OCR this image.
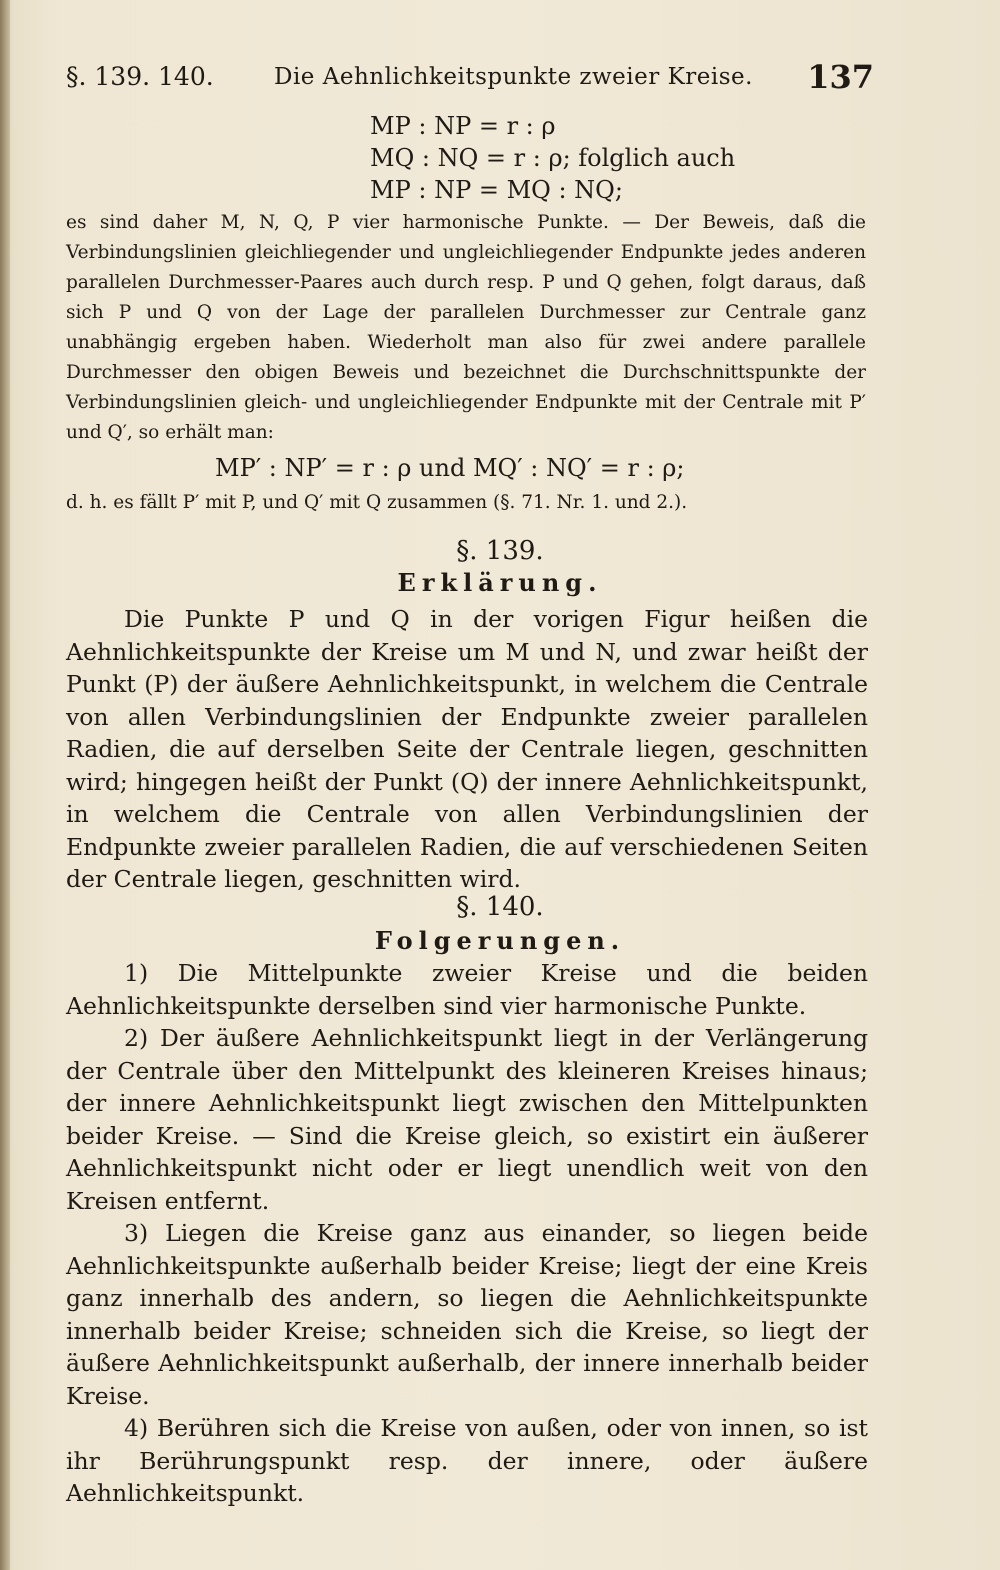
§. 139. 140.	Die Aehnlichkeitspunkte zweier Kreise. 137
MP : NP = r : ρ
MQ : NQ = r : ρ; folglich auch
MP : NP = MQ : NQ;

es sind daher M, N, Q, P vier harmonische Punkte. — Der Beweis, daß die Verbindungslinien gleichliegender und ungleichliegender Endpunkte jedes anderen parallelen Durchmesser-Paares auch durch resp. P und Q gehen, folgt daraus, daß sich P und Q von der Lage der parallelen Durchmesser zur Centrale ganz unabhängig ergeben haben. Wiederholt man also für zwei andere parallele Durchmesser den obigen Beweis und bezeichnet die Durchschnittspunkte der Verbindungslinien gleich- und ungleichliegender Endpunkte mit der Centrale mit P′ und Q′, so erhält man:

MP′ : NP′ = r : ρ und MQ′ : NQ′ = r : ρ;

d. h. es fällt P′ mit P, und Q′ mit Q zusammen (§. 71. Nr. 1. und 2.).

§. 139.
Erklärung.

Die Punkte P und Q in der vorigen Figur heißen die Aehnlichkeitspunkte der Kreise um M und N, und zwar heißt der Punkt (P) der äußere Aehnlichkeitspunkt, in welchem die Centrale von allen Verbindungslinien der Endpunkte zweier parallelen Radien, die auf derselben Seite der Centrale liegen, geschnitten wird; hingegen heißt der Punkt (Q) der innere Aehnlichkeitspunkt, in welchem die Centrale von allen Verbindungslinien der Endpunkte zweier parallelen Radien, die auf verschiedenen Seiten der Centrale liegen, geschnitten wird.

§. 140.
Folgerungen.

1) Die Mittelpunkte zweier Kreise und die beiden Aehnlichkeitspunkte derselben sind vier harmonische Punkte.

2) Der äußere Aehnlichkeitspunkt liegt in der Verlängerung der Centrale über den Mittelpunkt des kleineren Kreises hinaus; der innere Aehnlichkeitspunkt liegt zwischen den Mittelpunkten beider Kreise. — Sind die Kreise gleich, so existirt ein äußerer Aehnlichkeitspunkt nicht oder er liegt unendlich weit von den Kreisen entfernt.

3) Liegen die Kreise ganz aus einander, so liegen beide Aehnlichkeitspunkte außerhalb beider Kreise; liegt der eine Kreis ganz innerhalb des andern, so liegen die Aehnlichkeitspunkte innerhalb beider Kreise; schneiden sich die Kreise, so liegt der äußere Aehnlichkeitspunkt außerhalb, der innere innerhalb beider Kreise.

4) Berühren sich die Kreise von außen, oder von innen, so ist ihr Berührungspunkt resp. der innere, oder äußere Aehnlichkeitspunkt.
